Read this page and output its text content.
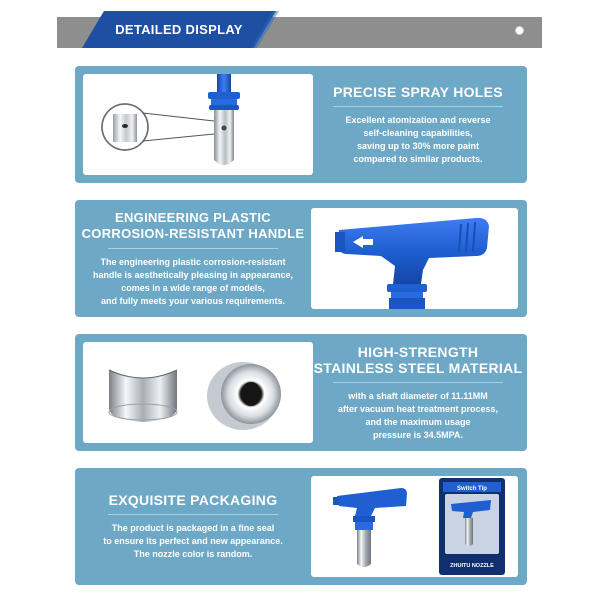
DETAILED DISPLAY
PRECISE SPRAY HOLES
Excellent atomization and reverse
self-cleaning capabilities,
saving up to 30% more paint
compared to similar products.
ENGINEERING PLASTIC
CORROSION-RESISTANT HANDLE
The engineering plastic corrosion-resistant
handle is aesthetically pleasing in appearance,
comes in a wide range of models,
and fully meets your various requirements.
HIGH-STRENGTH
STAINLESS STEEL MATERIAL
with a shaft diameter of 11.11MM
after vacuum heat treatment process,
and the maximum usage
pressure is 34.5MPA.
EXQUISITE PACKAGING
The product is packaged in a fine seal
to ensure its perfect and new appearance.
The nozzle color is random.
Switch Tip
ZHUITU NOZZLE
